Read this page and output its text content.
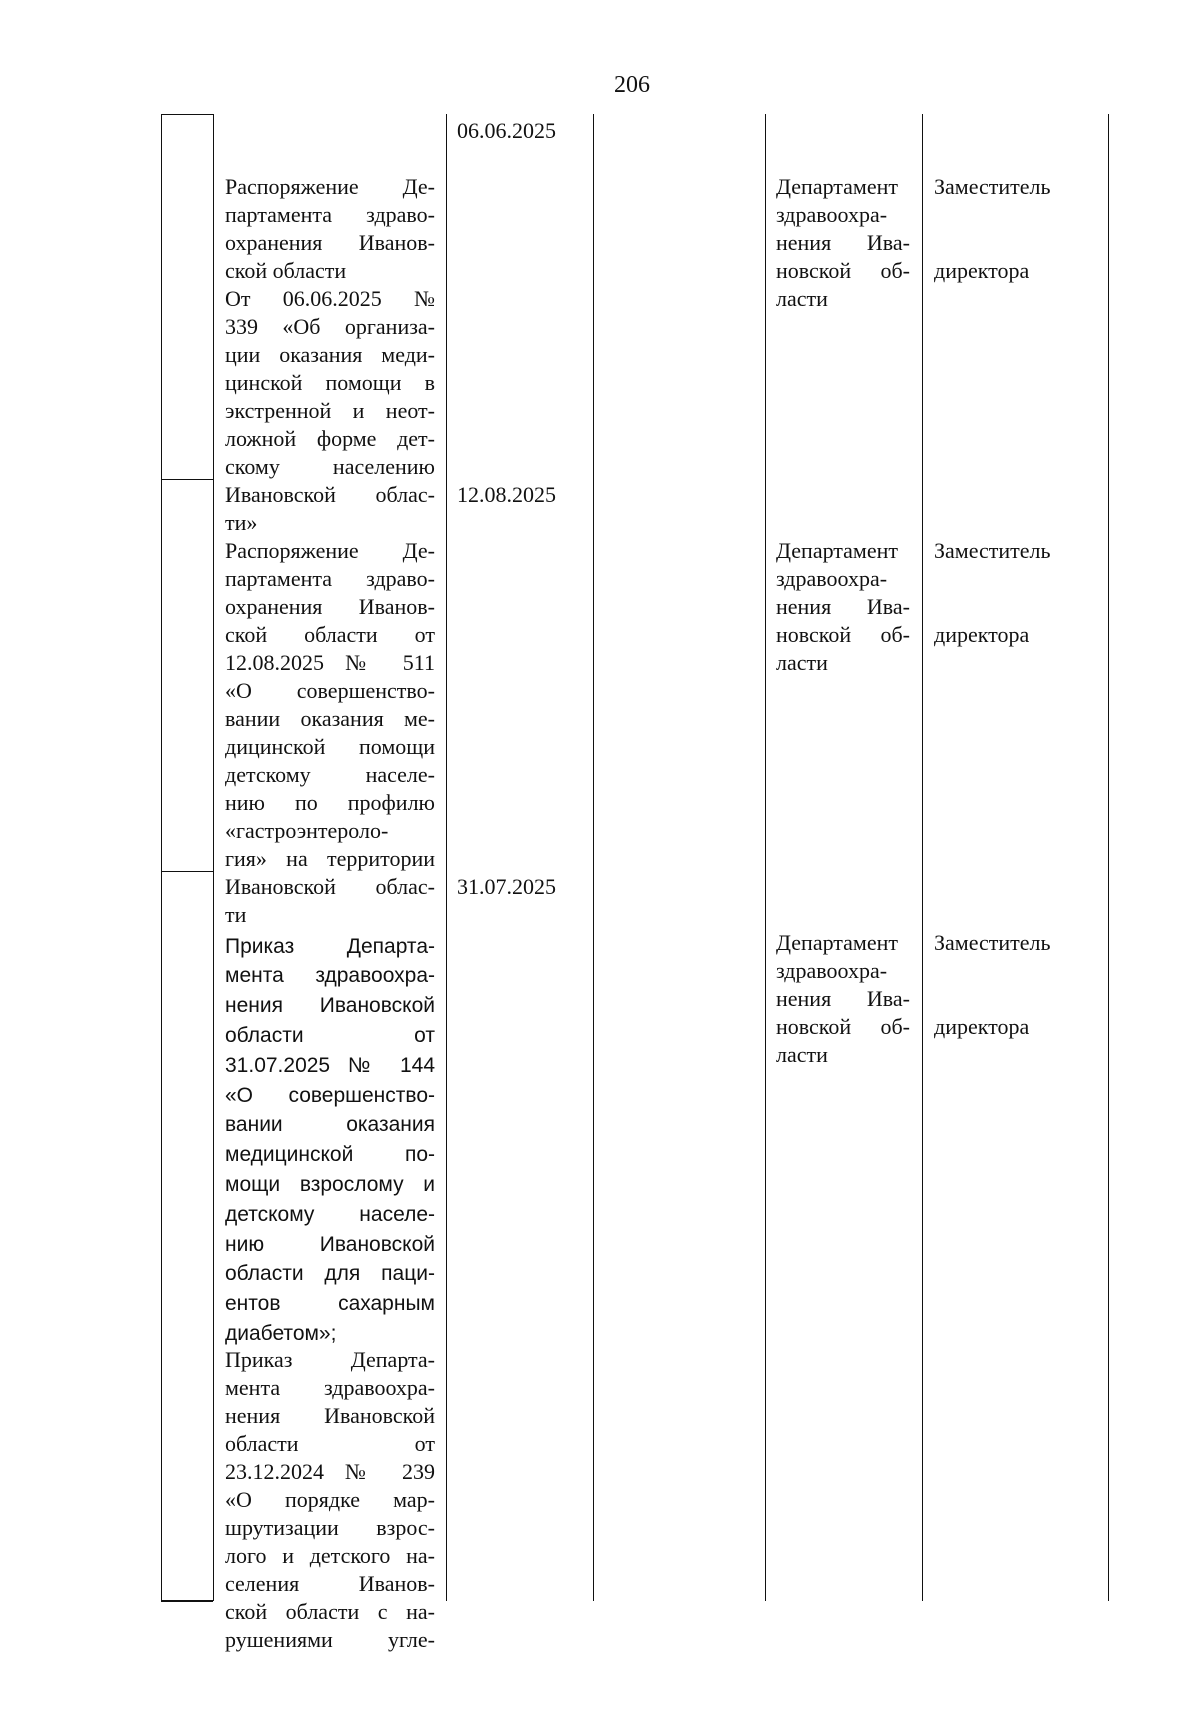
206

Распоряжение Де-
партамента здраво-
охранения Иванов-
ской области
От 06.06.2025 №
339 «Об организа-
ции оказания меди-
цинской помощи в
экстренной и неот-
ложной форме дет-
скому населению
Ивановской облас-
ти»

06.06.2025

Департамент
здравоохра-
нения Ива-
новской об-
ласти

Заместитель

директора

Распоряжение Де-
партамента здраво-
охранения Иванов-
ской области от
12.08.2025 № 511
«О совершенство-
вании оказания ме-
дицинской помощи
детскому населе-
нию по профилю
«гастроэнтероло-
гия» на территории
Ивановской облас-
ти

12.08.2025

Департамент
здравоохра-
нения Ива-
новской об-
ласти

Заместитель

директора

Приказ Департа-
мента здравоохра-
нения Ивановской
области от
31.07.2025 № 144
«О совершенство-
вании оказания
медицинской по-
мощи взрослому и
детскому населе-
нию Ивановской
области для паци-
ентов сахарным
диабетом»;

Приказ Департа-
мента здравоохра-
нения Ивановской
области от
23.12.2024 № 239
«О порядке мар-
шрутизации взрос-
лого и детского на-
селения Иванов-
ской области с на-
рушениями угле-

31.07.2025

Департамент
здравоохра-
нения Ива-
новской об-
ласти

Заместитель

директора
